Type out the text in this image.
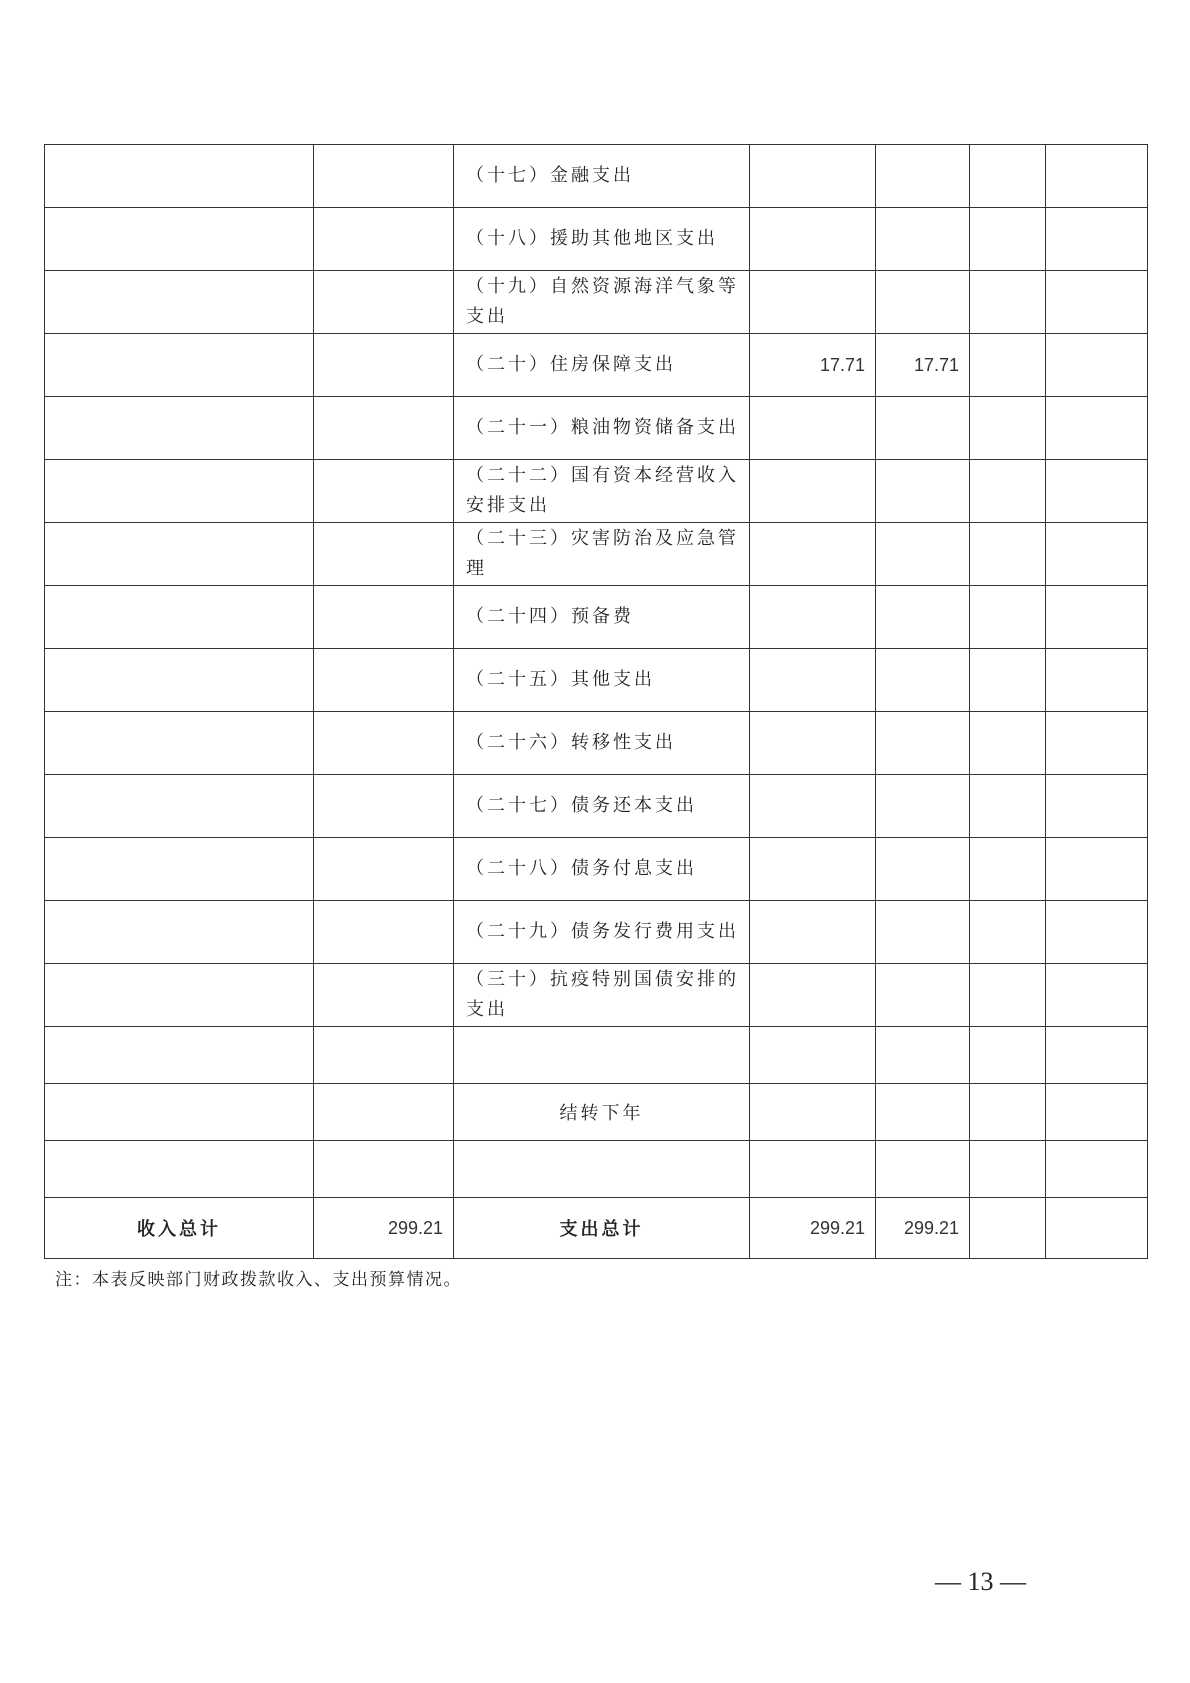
		（十七）金融支出				
		（十八）援助其他地区支出				
		（十九）自然资源海洋气象等支出				
		（二十）住房保障支出	17.71	17.71		
		（二十一）粮油物资储备支出				
		（二十二）国有资本经营收入安排支出				
		（二十三）灾害防治及应急管理				
		（二十四）预备费				
		（二十五）其他支出				
		（二十六）转移性支出				
		（二十七）债务还本支出				
		（二十八）债务付息支出				
		（二十九）债务发行费用支出				
		（三十）抗疫特别国债安排的支出				

		结转下年				

收入总计	299.21	支出总计	299.21	299.21		
注：本表反映部门财政拨款收入、支出预算情况。
— 13 —
